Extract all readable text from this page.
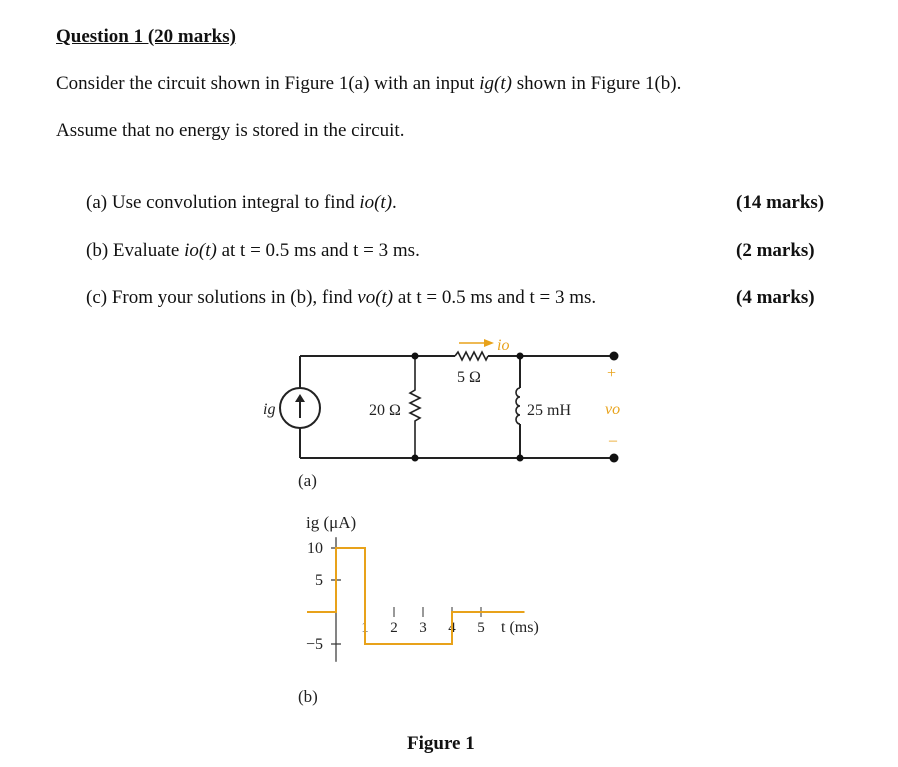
Question 1 (20 marks)
Consider the circuit shown in Figure 1(a) with an input ig(t) shown in Figure 1(b).
Assume that no energy is stored in the circuit.
(a) Use convolution integral to find io(t).	(14 marks)
(b) Evaluate io(t) at t = 0.5 ms and t = 3 ms.	(2 marks)
(c) From your solutions in (b), find vo(t) at t = 0.5 ms and t = 3 ms.	(4 marks)
io
5 Ω
20 Ω	25 mH
ig
+
vo
–
(a)
10
5
−5
ig (μA)
1 2 3 4 5 t (ms)
(b)
Figure 1
